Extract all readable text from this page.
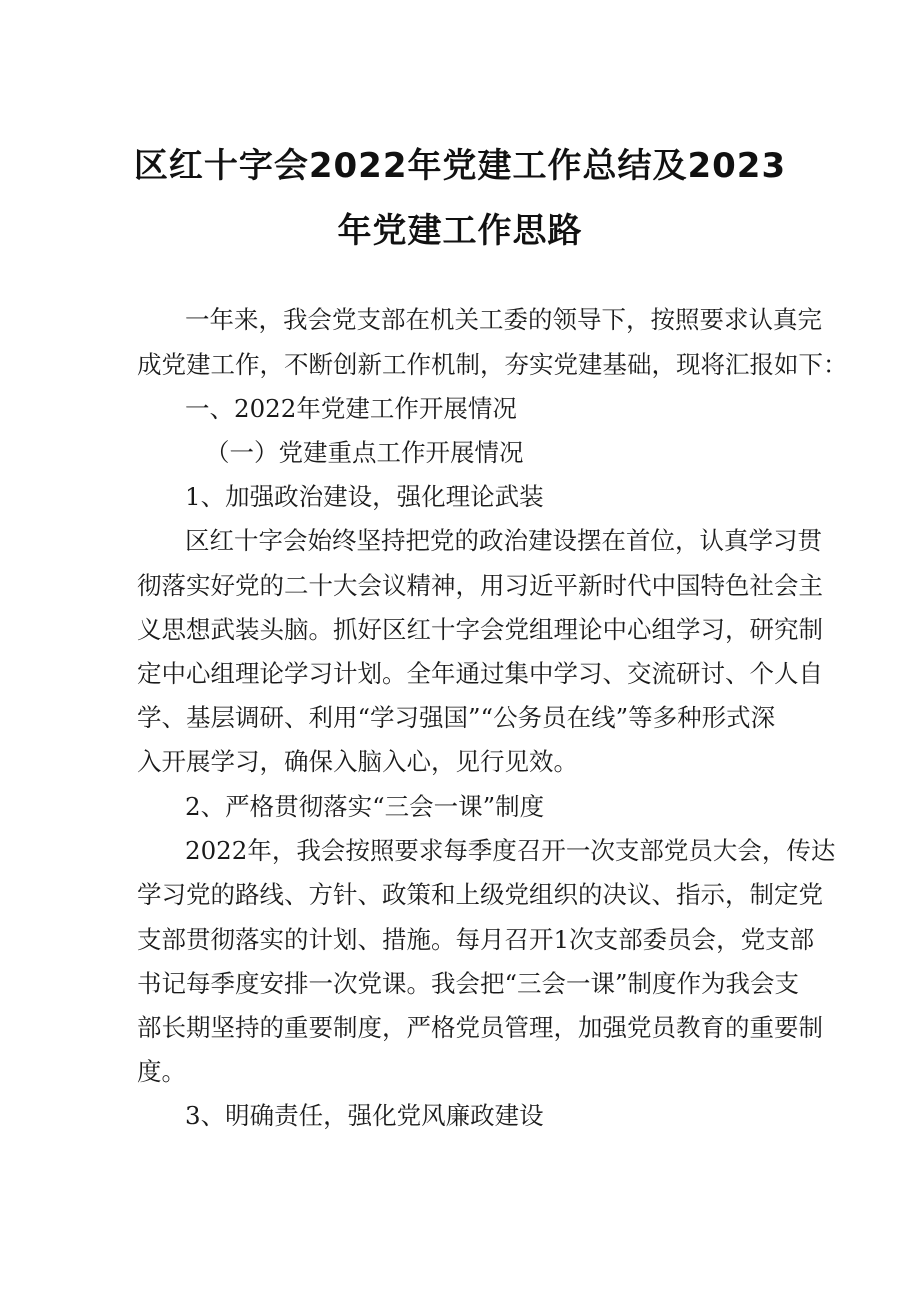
区红十字会2022年党建工作总结及2023
年党建工作思路

一年来，我会党支部在机关工委的领导下，按照要求认真完

成党建工作，不断创新工作机制，夯实党建基础，现将汇报如下：

一、2022年党建工作开展情况

（一）党建重点工作开展情况

1、加强政治建设，强化理论武装

区红十字会始终坚持把党的政治建设摆在首位，认真学习贯

彻落实好党的二十大会议精神，用习近平新时代中国特色社会主

义思想武装头脑。抓好区红十字会党组理论中心组学习，研究制

定中心组理论学习计划。全年通过集中学习、交流研讨、个人自

学、基层调研、利用“学习强国”“公务员在线”等多种形式深

入开展学习，确保入脑入心，见行见效。

2、严格贯彻落实“三会一课”制度

2022年，我会按照要求每季度召开一次支部党员大会，传达

学习党的路线、方针、政策和上级党组织的决议、指示，制定党

支部贯彻落实的计划、措施。每月召开1次支部委员会，党支部

书记每季度安排一次党课。我会把“三会一课”制度作为我会支

部长期坚持的重要制度，严格党员管理，加强党员教育的重要制

度。

3、明确责任，强化党风廉政建设
